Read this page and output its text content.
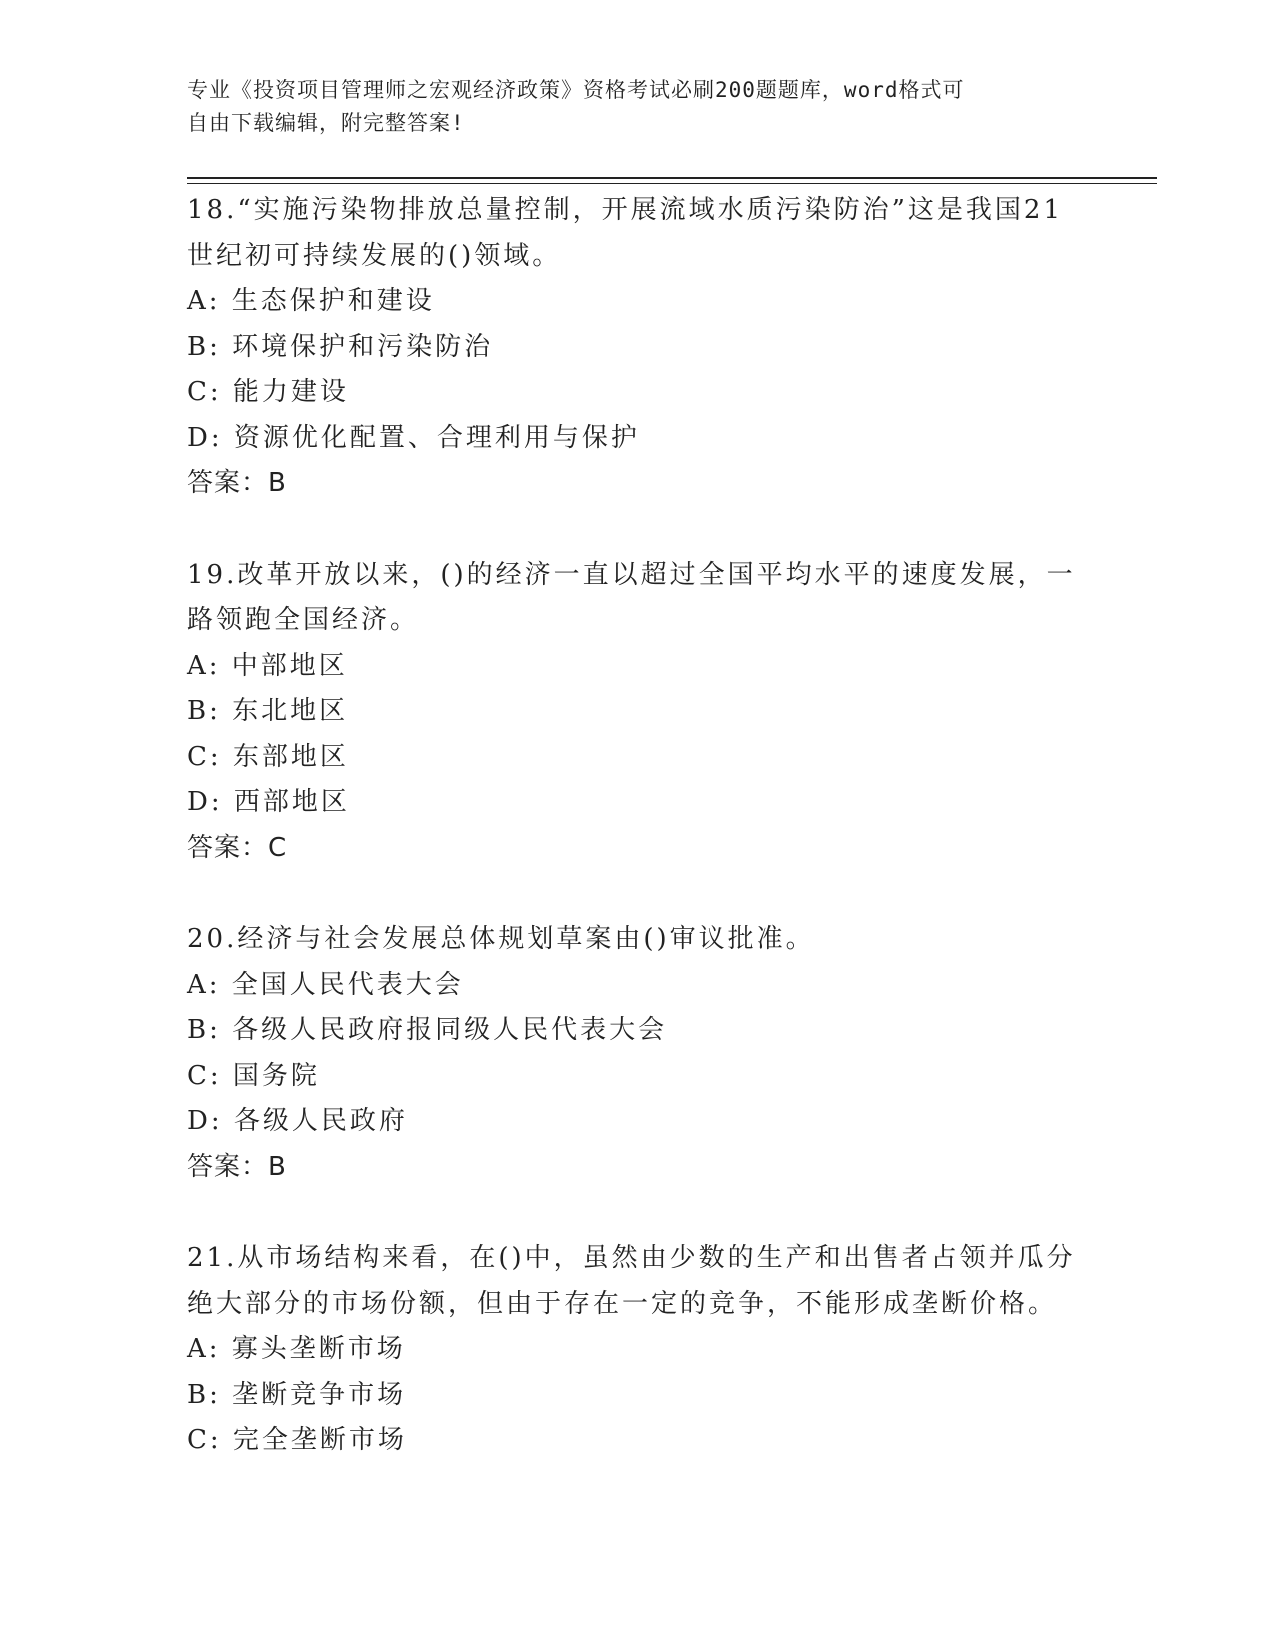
专业《投资项目管理师之宏观经济政策》资格考试必刷200题题库，word格式可
自由下载编辑，附完整答案!

18.“实施污染物排放总量控制，开展流域水质污染防治”这是我国21世纪初可持续发展的()领域。

A: 生态保护和建设

B: 环境保护和污染防治

C: 能力建设

D: 资源优化配置、合理利用与保护

答案：B

19.改革开放以来，()的经济一直以超过全国平均水平的速度发展，一路领跑全国经济。

A: 中部地区

B: 东北地区

C: 东部地区

D: 西部地区

答案：C

20.经济与社会发展总体规划草案由()审议批准。

A: 全国人民代表大会

B: 各级人民政府报同级人民代表大会

C: 国务院

D: 各级人民政府

答案：B

21.从市场结构来看，在()中，虽然由少数的生产和出售者占领并瓜分绝大部分的市场份额，但由于存在一定的竞争，不能形成垄断价格。

A: 寡头垄断市场

B: 垄断竞争市场

C: 完全垄断市场
